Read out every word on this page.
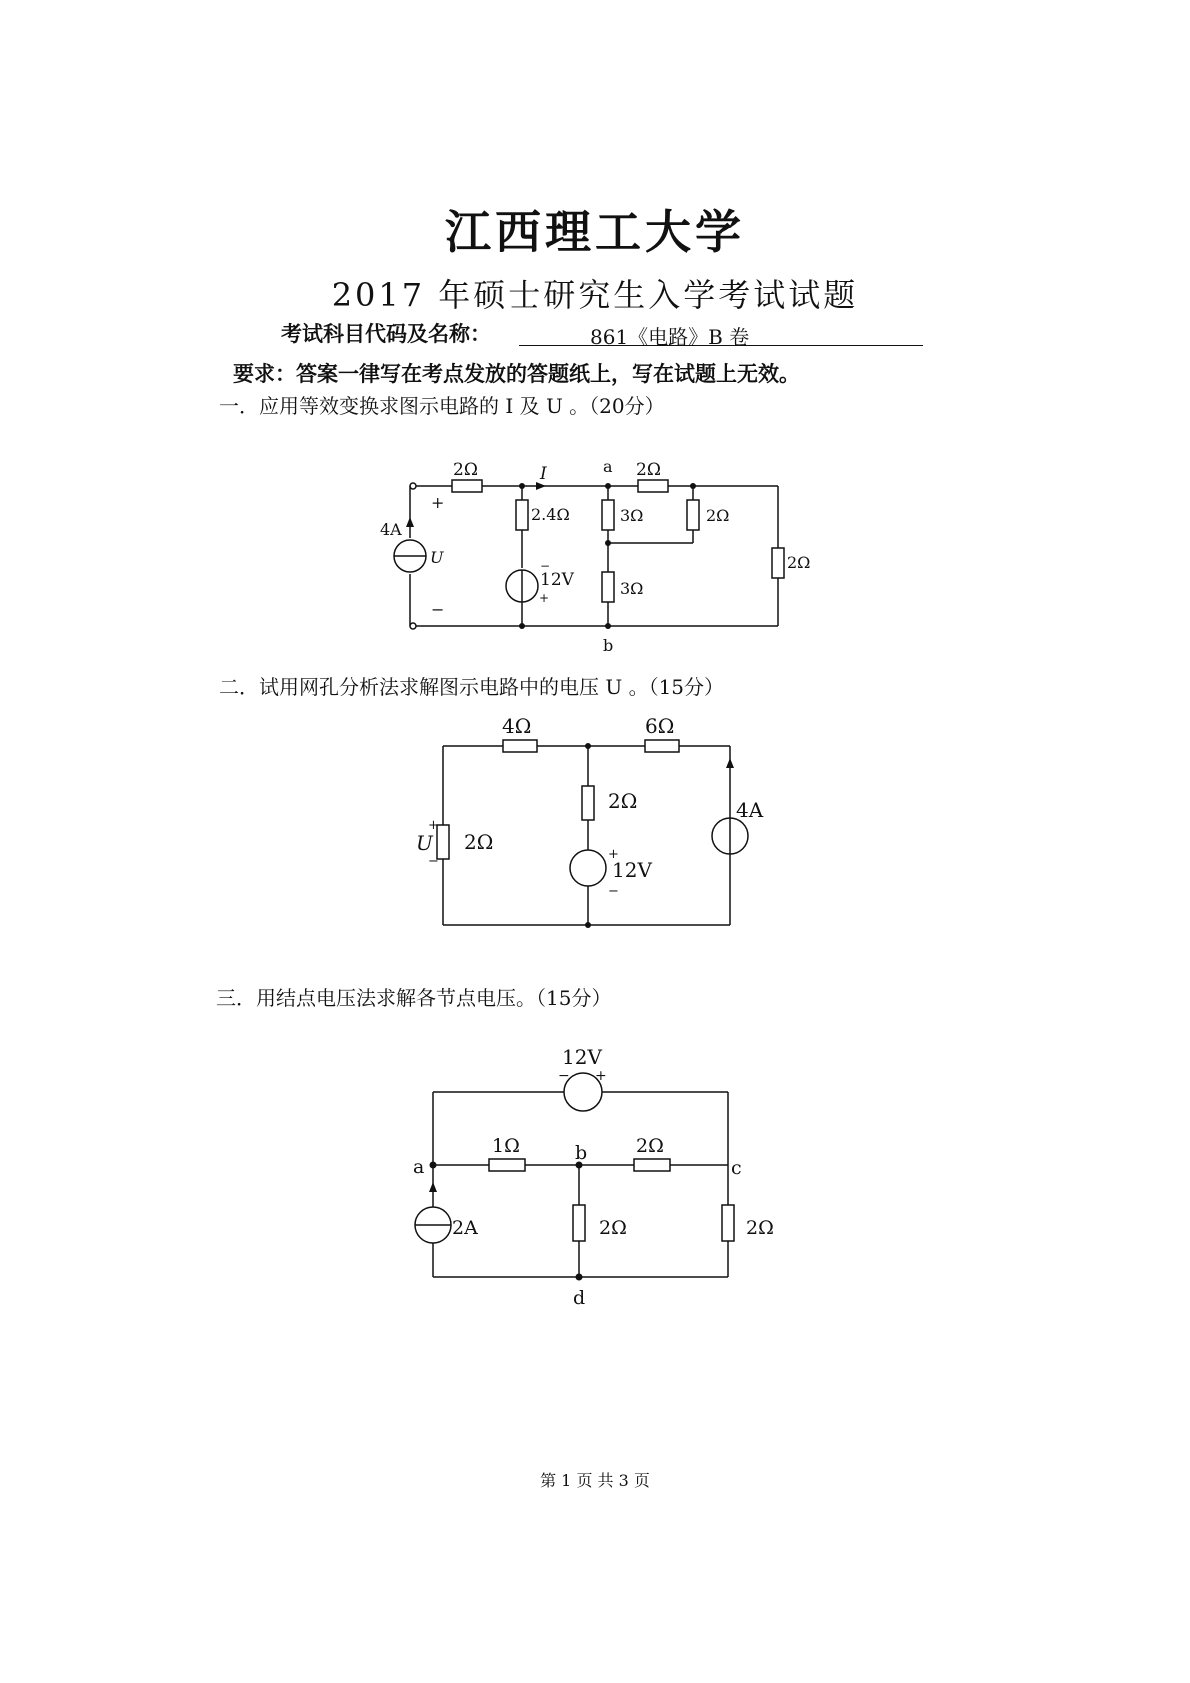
江西理工大学
2017 年硕士研究生入学考试试题
考试科目代码及名称：	861《电路》B 卷
要求：答案一律写在考点发放的答题纸上，写在试题上无效。
一．应用等效变换求图示电路的 I 及 U 。（20分）
2Ω	I	a 2Ω
2.4Ω	3Ω	2Ω
2Ω
3Ω
4A
U
+
−
12V
−
+
b
二．试用网孔分析法求解图示电路中的电压 U 。（15分）
4Ω	6Ω
2Ω
2Ω
U
+
−	12V
+
−
4A
三．用结点电压法求解各节点电压。（15分）
12V
− +
a
b
c
d
1Ω	2Ω
2Ω	2Ω
2A
第 1 页 共 3 页
